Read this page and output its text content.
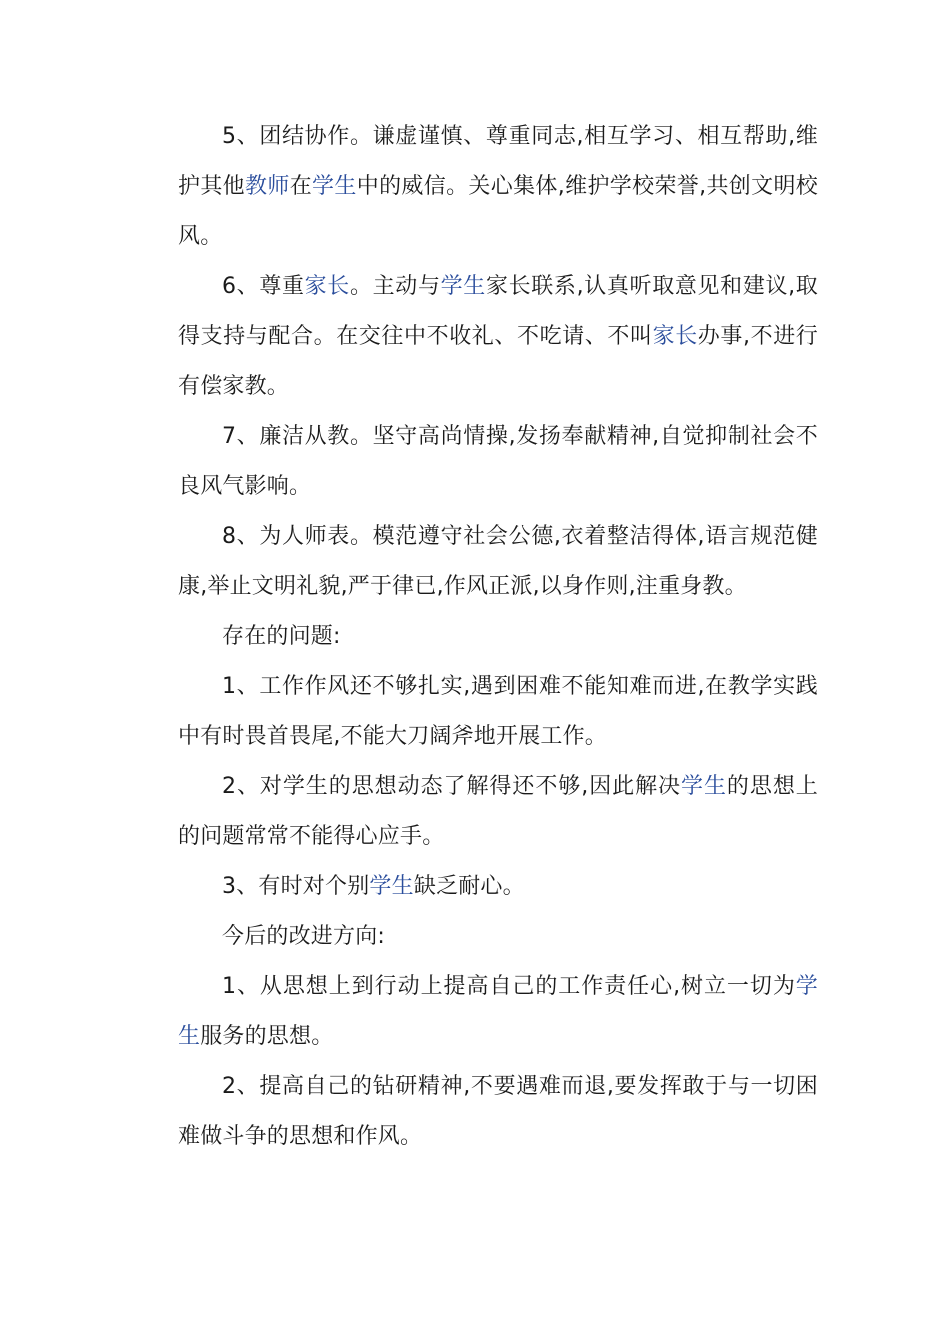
5、团结协作。谦虚谨慎、尊重同志,相互学习、相互帮助,维护其他教师在学生中的威信。关心集体,维护学校荣誉,共创文明校风。

6、尊重家长。主动与学生家长联系,认真听取意见和建议,取得支持与配合。在交往中不收礼、不吃请、不叫家长办事,不进行有偿家教。

7、廉洁从教。坚守高尚情操,发扬奉献精神,自觉抑制社会不良风气影响。

8、为人师表。模范遵守社会公德,衣着整洁得体,语言规范健康,举止文明礼貌,严于律已,作风正派,以身作则,注重身教。

存在的问题:

1、工作作风还不够扎实,遇到困难不能知难而进,在教学实践中有时畏首畏尾,不能大刀阔斧地开展工作。

2、对学生的思想动态了解得还不够,因此解决学生的思想上的问题常常不能得心应手。

3、有时对个别学生缺乏耐心。

今后的改进方向:

1、从思想上到行动上提高自己的工作责任心,树立一切为学生服务的思想。

2、提高自己的钻研精神,不要遇难而退,要发挥敢于与一切困难做斗争的思想和作风。
